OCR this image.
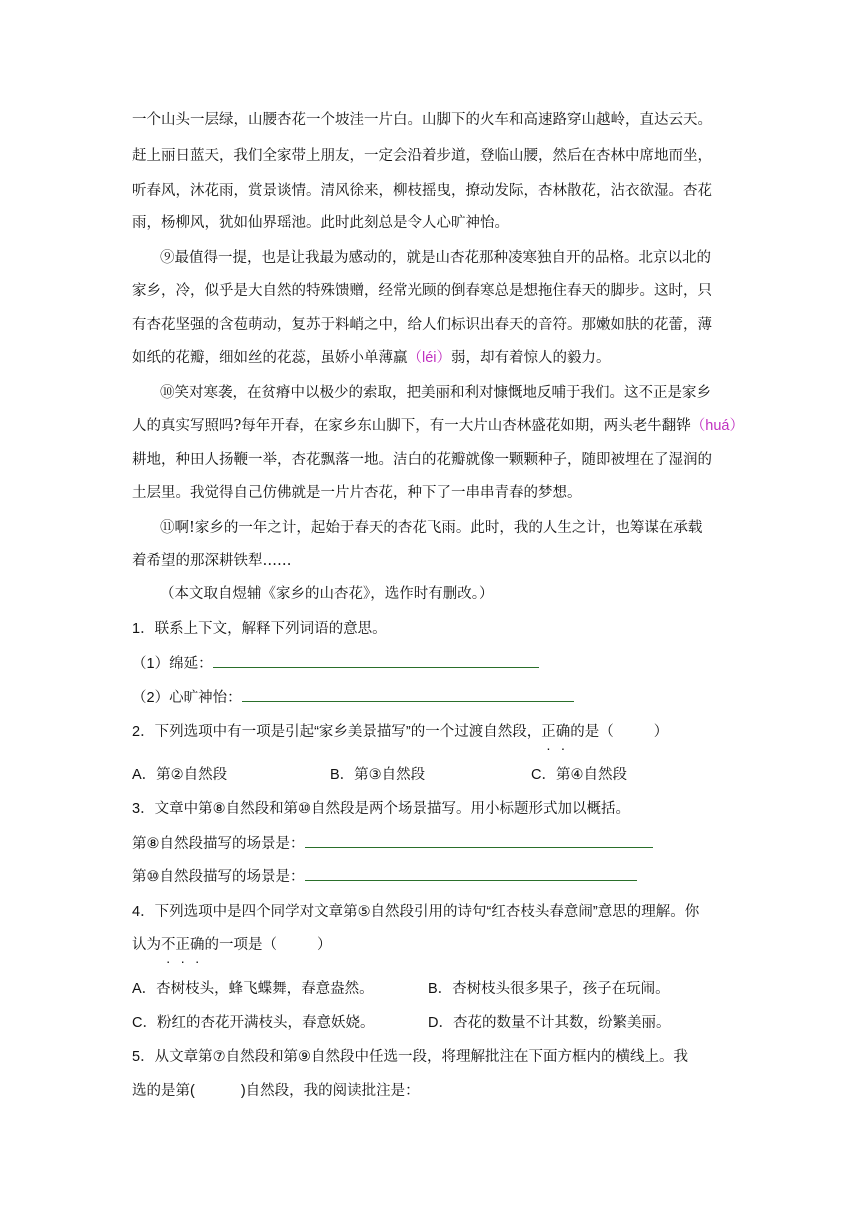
一个山头一层绿，山腰杏花一个坡洼一片白。山脚下的火车和高速路穿山越岭，直达云天。
赶上丽日蓝天，我们全家带上朋友，一定会沿着步道，登临山腰，然后在杏林中席地而坐，
听春风，沐花雨，赏景谈情。清风徐来，柳枝摇曳，撩动发际，杏林散花，沾衣欲湿。杏花
雨，杨柳风，犹如仙界瑶池。此时此刻总是令人心旷神怡。
⑨最值得一提，也是让我最为感动的，就是山杏花那种凌寒独自开的品格。北京以北的
家乡，冷，似乎是大自然的特殊馈赠，经常光顾的倒春寒总是想拖住春天的脚步。这时，只
有杏花坚强的含苞萌动，复苏于料峭之中，给人们标识出春天的音符。那嫩如肤的花蕾，薄
如纸的花瓣，细如丝的花蕊，虽娇小单薄羸（léi）弱，却有着惊人的毅力。
⑩笑对寒袭，在贫瘠中以极少的索取，把美丽和利对慷慨地反哺于我们。这不正是家乡
人的真实写照吗?每年开春，在家乡东山脚下，有一大片山杏林盛花如期，两头老牛翻铧（huá）
耕地，种田人扬鞭一举，杏花飘落一地。洁白的花瓣就像一颗颗种子，随即被埋在了湿润的
土层里。我觉得自己仿佛就是一片片杏花，种下了一串串青春的梦想。
⑪啊!家乡的一年之计，起始于春天的杏花飞雨。此时，我的人生之计，也筹谋在承载
着希望的那深耕铁犁……
（本文取自煜辅《家乡的山杏花》，选作时有删改。）
1．联系上下文，解释下列词语的意思。
（1）绵延：
（2）心旷神怡：
2．下列选项中有一项是引起“家乡美景描写”的一个过渡自然段，正确的是（	）
A．第②自然段	B．第③自然段	C．第④自然段
3．文章中第⑧自然段和第⑩自然段是两个场景描写。用小标题形式加以概括。
第⑧自然段描写的场景是：
第⑩自然段描写的场景是：
4．下列选项中是四个同学对文章第⑤自然段引用的诗句“红杏枝头春意闹”意思的理解。你
认为不正确的一项是（	）
A．杏树枝头，蜂飞蝶舞，春意盎然。	B．杏树枝头很多果子，孩子在玩闹。
C．粉红的杏花开满枝头，春意妖娆。	D．杏花的数量不计其数，纷繁美丽。
5．从文章第⑦自然段和第⑨自然段中任选一段，将理解批注在下面方框内的横线上。我
选的是第(	)自然段，我的阅读批注是：
